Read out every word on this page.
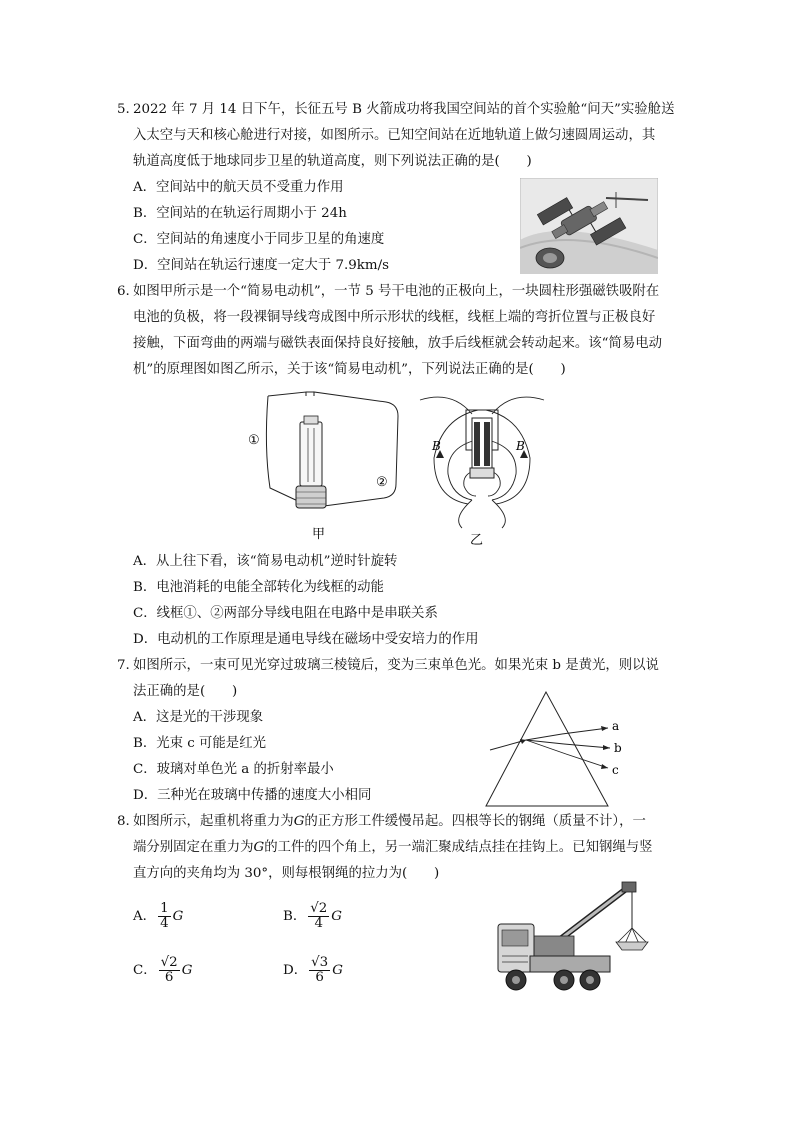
5. 2022 年 7 月 14 日下午，长征五号 B 火箭成功将我国空间站的首个实验舱“问天”实验舱送
入太空与天和核心舱进行对接，如图所示。已知空间站在近地轨道上做匀速圆周运动，其
轨道高度低于地球同步卫星的轨道高度，则下列说法正确的是(　　)
A．空间站中的航天员不受重力作用
B．空间站的在轨运行周期小于 24h
C．空间站的角速度小于同步卫星的角速度
D．空间站在轨运行速度一定大于 7.9km/s
6. 如图甲所示是一个“简易电动机”，一节 5 号干电池的正极向上，一块圆柱形强磁铁吸附在
电池的负极，将一段裸铜导线弯成图中所示形状的线框，线框上端的弯折位置与正极良好
接触，下面弯曲的两端与磁铁表面保持良好接触，放手后线框就会转动起来。该“简易电动
机”的原理图如图乙所示，关于该“简易电动机”，下列说法正确的是(　　)
①
②
甲
B	B
乙
A．从上往下看，该“简易电动机”逆时针旋转
B．电池消耗的电能全部转化为线框的动能
C．线框①、②两部分导线电阻在电路中是串联关系
D．电动机的工作原理是通电导线在磁场中受安培力的作用
7. 如图所示，一束可见光穿过玻璃三棱镜后，变为三束单色光。如果光束 b 是黄光，则以说
法正确的是(　　)
A．这是光的干涉现象
B．光束 c 可能是红光
C．玻璃对单色光 a 的折射率最小
D．三种光在玻璃中传播的速度大小相同
a
b
c
8. 如图所示，起重机将重力为G的正方形工件缓慢吊起。四根等长的钢绳（质量不计），一
端分别固定在重力为G的工件的四个角上，另一端汇聚成结点挂在挂钩上。已知钢绳与竖
直方向的夹角均为 30°，则每根钢绳的拉力为(　　)
A． $\frac{1}{4}$ G	B． $\frac{√2}{4}$ G
C． $\frac{√2}{6}$ G	D． $\frac{√3}{6}$ G
